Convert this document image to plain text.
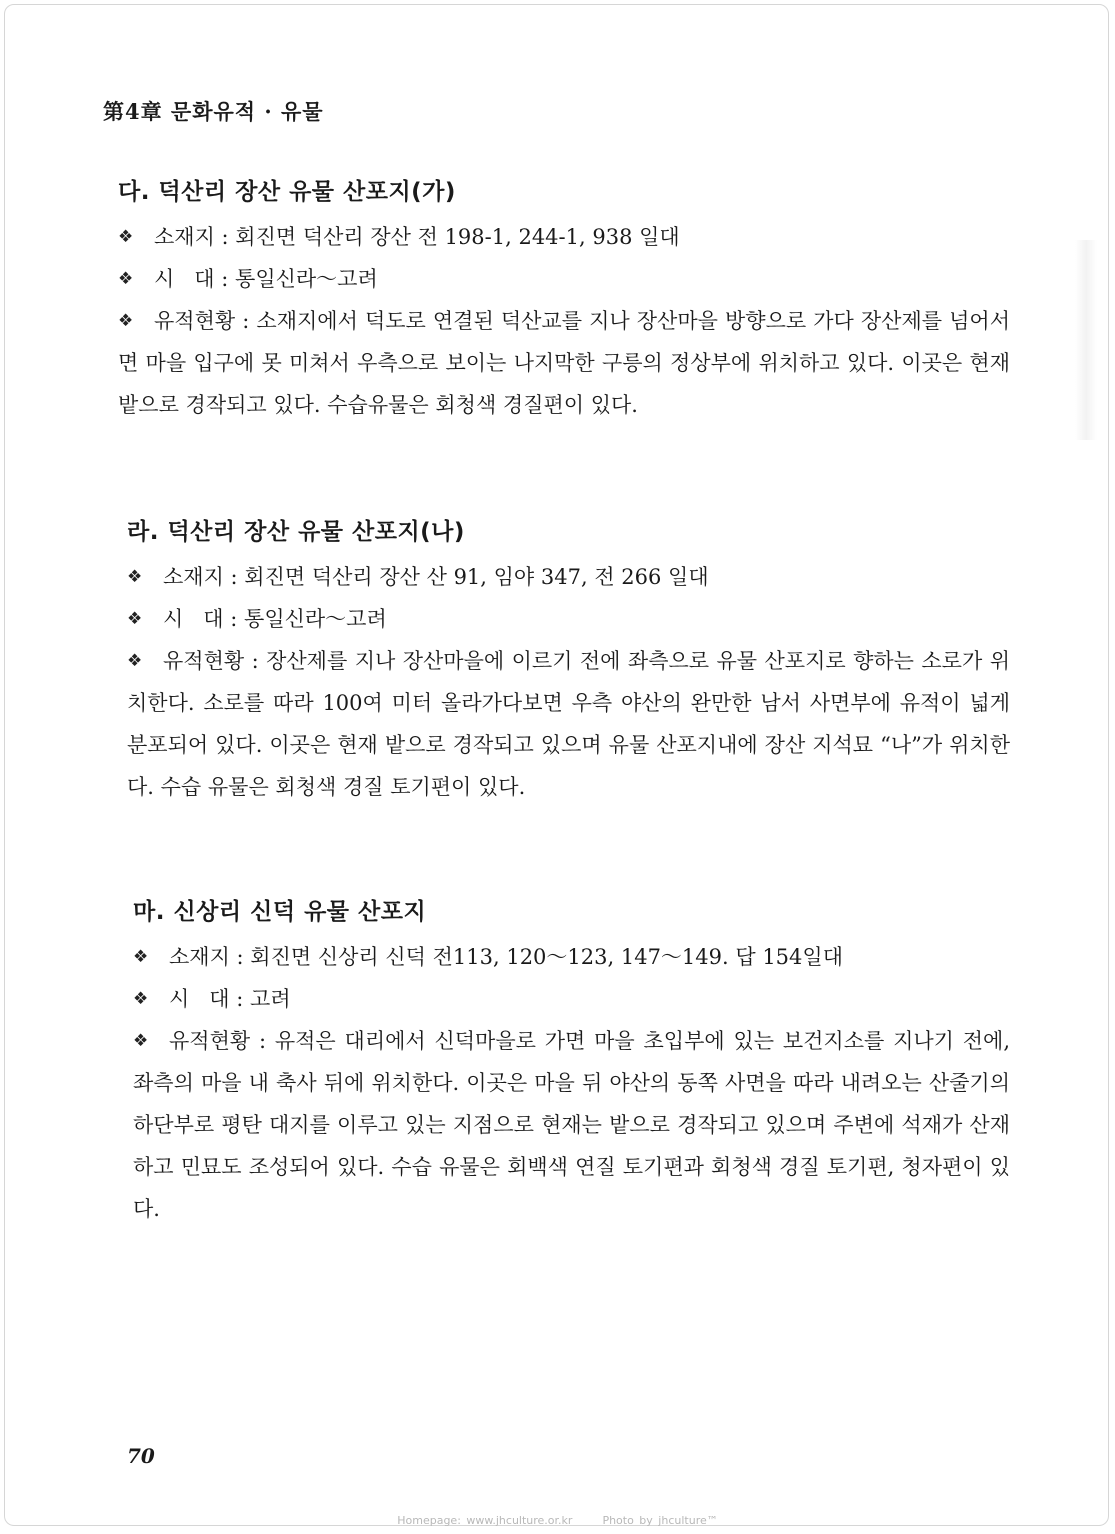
第4章 문화유적 · 유물
다. 덕산리 장산 유물 산포지(가)
❖ 소재지 : 회진면 덕산리 장산 전 198-1, 244-1, 938 일대
❖ 시   대 : 통일신라～고려
❖ 유적현황 : 소재지에서 덕도로 연결된 덕산교를 지나 장산마을 방향으로 가다 장산제를 넘어서면 마을 입구에 못 미쳐서 우측으로 보이는 나지막한 구릉의 정상부에 위치하고 있다. 이곳은 현재 밭으로 경작되고 있다. 수습유물은 회청색 경질편이 있다.
라. 덕산리 장산 유물 산포지(나)
❖ 소재지 : 회진면 덕산리 장산 산 91, 임야 347, 전 266 일대
❖ 시   대 : 통일신라～고려
❖ 유적현황 : 장산제를 지나 장산마을에 이르기 전에 좌측으로 유물 산포지로 향하는 소로가 위치한다. 소로를 따라 100여 미터 올라가다보면 우측 야산의 완만한 남서 사면부에 유적이 넓게 분포되어 있다. 이곳은 현재 밭으로 경작되고 있으며 유물 산포지내에 장산 지석묘 “나”가 위치한다. 수습 유물은 회청색 경질 토기편이 있다.
마. 신상리 신덕 유물 산포지
❖ 소재지 : 회진면 신상리 신덕 전113, 120～123, 147～149. 답 154일대
❖ 시   대 : 고려
❖ 유적현황 : 유적은 대리에서 신덕마을로 가면 마을 초입부에 있는 보건지소를 지나기 전에, 좌측의 마을 내 축사 뒤에 위치한다. 이곳은 마을 뒤 야산의 동쪽 사면을 따라 내려오는 산줄기의 하단부로 평탄 대지를 이루고 있는 지점으로 현재는 밭으로 경작되고 있으며 주변에 석재가 산재하고 민묘도 조성되어 있다. 수습 유물은 회백색 연질 토기편과 회청색 경질 토기편, 청자편이 있다.
70
Homepage: www.jhculture.or.kr	Photo by jhculture™
